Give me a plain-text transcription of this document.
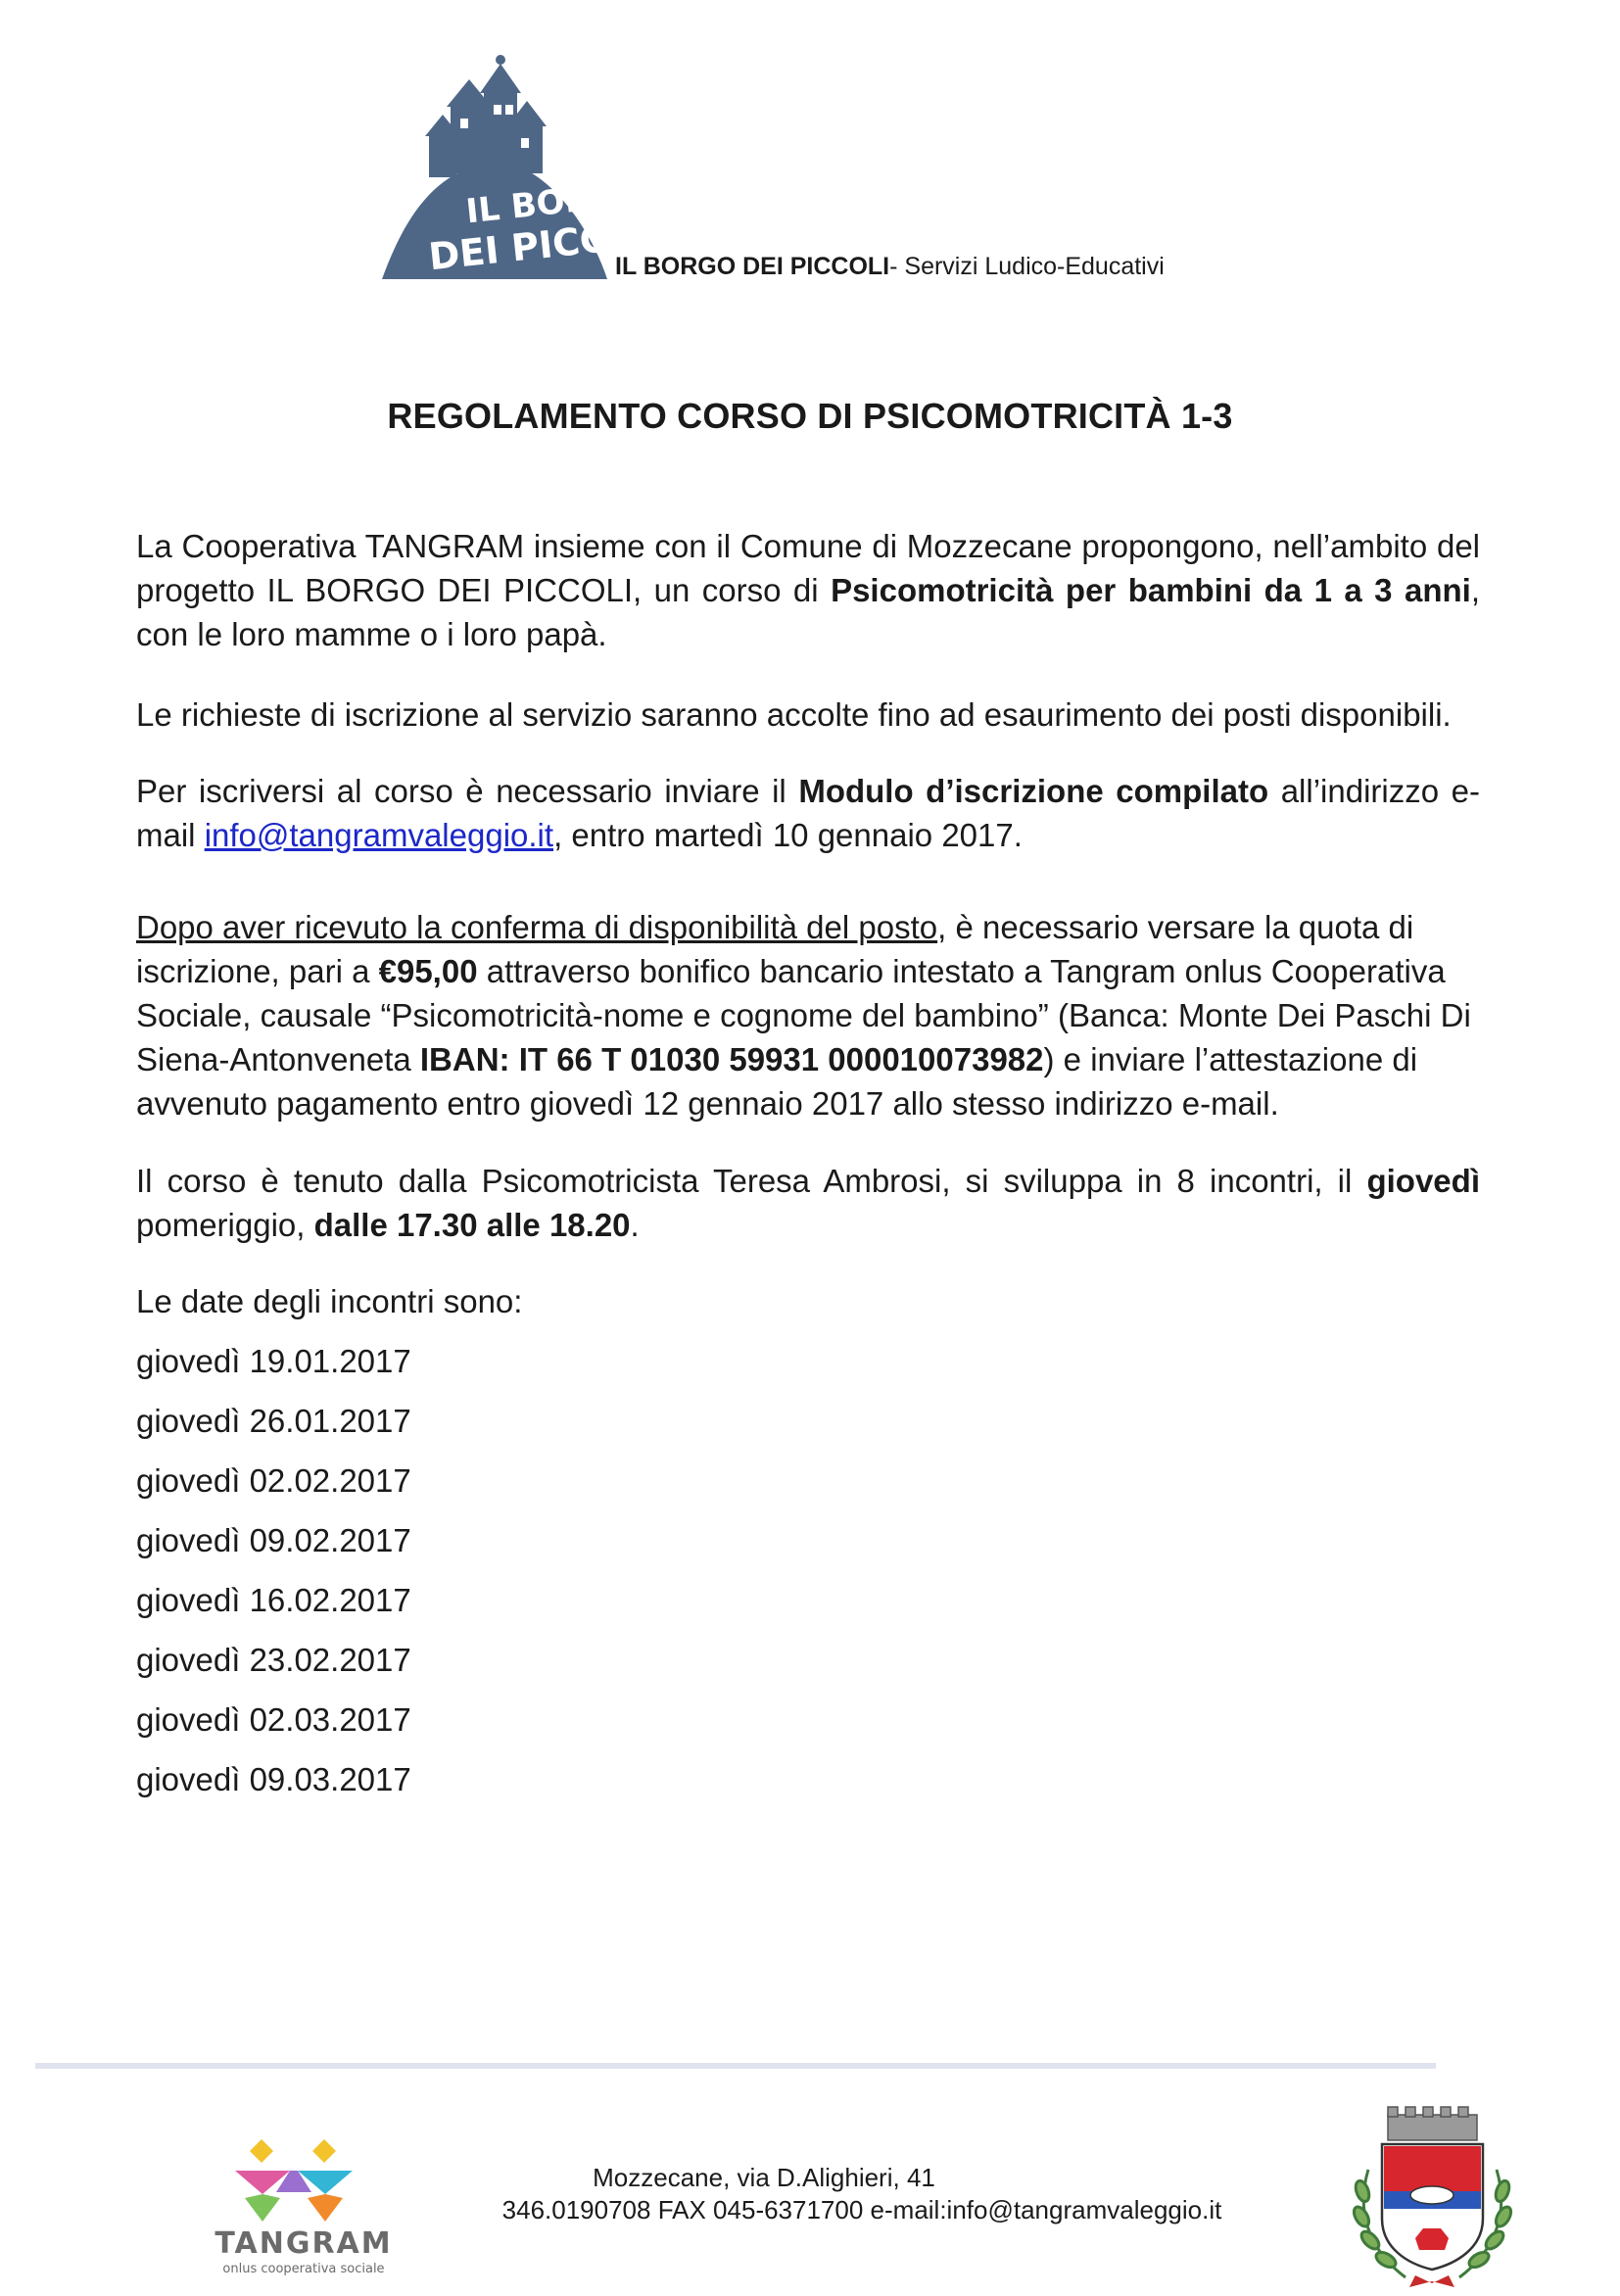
IL BORGO
DEI PICCOLI
IL BORGO DEI PICCOLI- Servizi Ludico-Educativi
REGOLAMENTO CORSO DI PSICOMOTRICITÀ 1-3
La Cooperativa TANGRAM insieme con il Comune di Mozzecane propongono, nell’ambito del progetto IL BORGO DEI PICCOLI, un corso di Psicomotricità per bambini da 1 a 3 anni, con le loro mamme o i loro papà.
Le richieste di iscrizione al servizio saranno accolte fino ad esaurimento dei posti disponibili.
Per iscriversi al corso è necessario inviare il Modulo d’iscrizione compilato all’indirizzo e-mail info@tangramvaleggio.it, entro martedì 10 gennaio 2017.
Dopo aver ricevuto la conferma di disponibilità del posto, è necessario versare la quota di iscrizione, pari a €95,00 attraverso bonifico bancario intestato a Tangram onlus Cooperativa Sociale, causale “Psicomotricità-nome e cognome del bambino” (Banca: Monte Dei Paschi Di Siena-Antonveneta IBAN: IT 66 T 01030 59931 000010073982) e inviare l’attestazione di avvenuto pagamento entro giovedì 12 gennaio 2017 allo stesso indirizzo e-mail.
Il corso è tenuto dalla Psicomotricista Teresa Ambrosi, si sviluppa in 8 incontri, il giovedì pomeriggio, dalle 17.30 alle 18.20.
Le date degli incontri sono:
giovedì 19.01.2017
giovedì 26.01.2017
giovedì 02.02.2017
giovedì 09.02.2017
giovedì 16.02.2017
giovedì 23.02.2017
giovedì 02.03.2017
giovedì 09.03.2017
TANGRAM
onlus cooperativa sociale
Mozzecane, via D.Alighieri, 41
346.0190708 FAX 045-6371700 e-mail:info@tangramvaleggio.it
